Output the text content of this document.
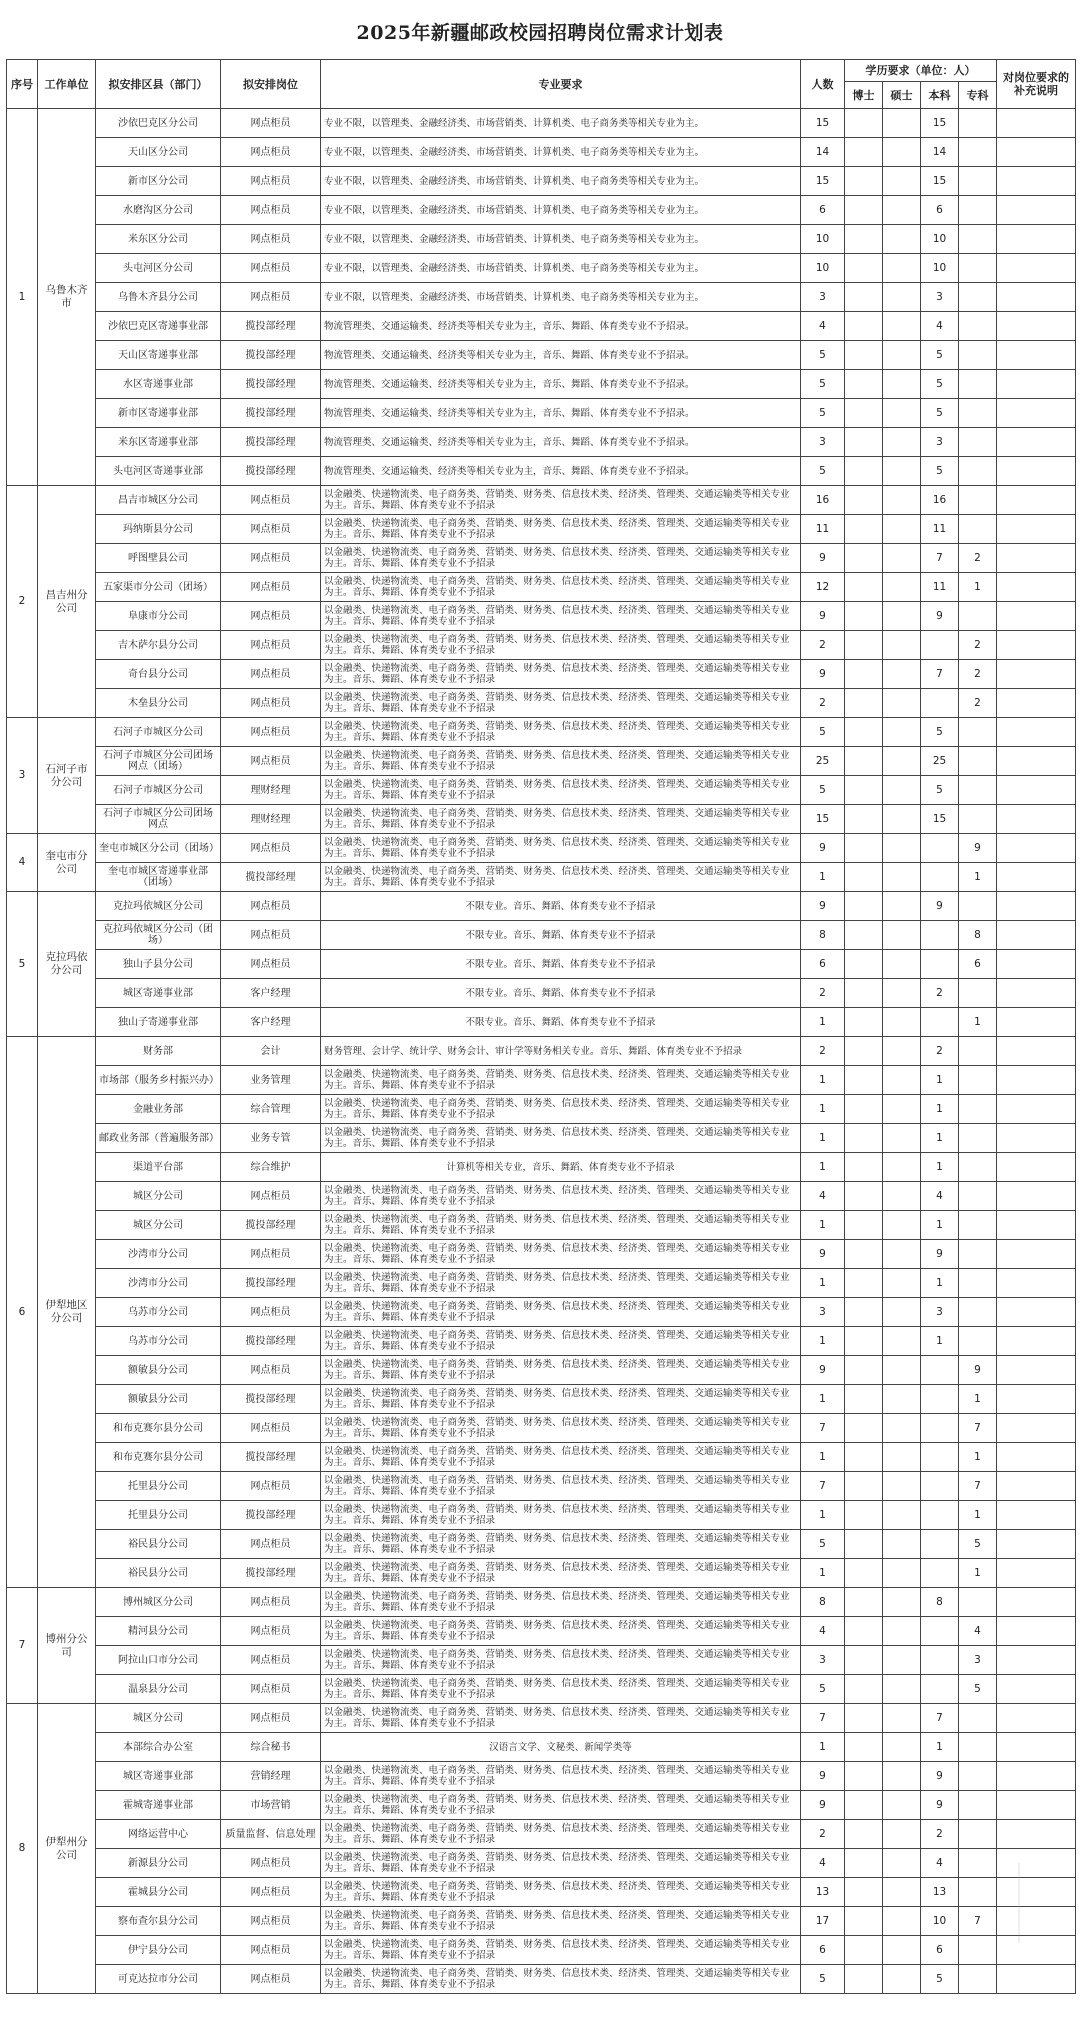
2025年新疆邮政校园招聘岗位需求计划表
序号	工作单位	拟安排区县（部门）	拟安排岗位	专业要求	人数	学历要求（单位：人）				对岗位要求的补充说明
						博士	硕士	本科	专科	
1	乌鲁木齐市	沙依巴克区分公司	网点柜员	专业不限，以管理类、金融经济类、市场营销类、计算机类、电子商务类等相关专业为主。	15			15		
		天山区分公司	网点柜员	专业不限，以管理类、金融经济类、市场营销类、计算机类、电子商务类等相关专业为主。	14			14		
		新市区分公司	网点柜员	专业不限，以管理类、金融经济类、市场营销类、计算机类、电子商务类等相关专业为主。	15			15		
		水磨沟区分公司	网点柜员	专业不限，以管理类、金融经济类、市场营销类、计算机类、电子商务类等相关专业为主。	6			6		
		米东区分公司	网点柜员	专业不限，以管理类、金融经济类、市场营销类、计算机类、电子商务类等相关专业为主。	10			10		
		头屯河区分公司	网点柜员	专业不限，以管理类、金融经济类、市场营销类、计算机类、电子商务类等相关专业为主。	10			10		
		乌鲁木齐县分公司	网点柜员	专业不限，以管理类、金融经济类、市场营销类、计算机类、电子商务类等相关专业为主。	3			3		
		沙依巴克区寄递事业部	揽投部经理	物流管理类、交通运输类、经济类等相关专业为主，音乐、舞蹈、体育类专业不予招录。	4			4		
		天山区寄递事业部	揽投部经理	物流管理类、交通运输类、经济类等相关专业为主，音乐、舞蹈、体育类专业不予招录。	5			5		
		水区寄递事业部	揽投部经理	物流管理类、交通运输类、经济类等相关专业为主，音乐、舞蹈、体育类专业不予招录。	5			5		
		新市区寄递事业部	揽投部经理	物流管理类、交通运输类、经济类等相关专业为主，音乐、舞蹈、体育类专业不予招录。	5			5		
		米东区寄递事业部	揽投部经理	物流管理类、交通运输类、经济类等相关专业为主，音乐、舞蹈、体育类专业不予招录。	3			3		
		头屯河区寄递事业部	揽投部经理	物流管理类、交通运输类、经济类等相关专业为主，音乐、舞蹈、体育类专业不予招录。	5			5		
2	昌吉州分公司	昌吉市城区分公司	网点柜员	以金融类、快递物流类、电子商务类、营销类、财务类、信息技术类、经济类、管理类、交通运输类等相关专业为主。音乐、舞蹈、体育类专业不予招录	16			16		
		玛纳斯县分公司	网点柜员	以金融类、快递物流类、电子商务类、营销类、财务类、信息技术类、经济类、管理类、交通运输类等相关专业为主。音乐、舞蹈、体育类专业不予招录	11			11		
		呼图壁县公司	网点柜员	以金融类、快递物流类、电子商务类、营销类、财务类、信息技术类、经济类、管理类、交通运输类等相关专业为主。音乐、舞蹈、体育类专业不予招录	9			7	2	
		五家渠市分公司（团场）	网点柜员	以金融类、快递物流类、电子商务类、营销类、财务类、信息技术类、经济类、管理类、交通运输类等相关专业为主。音乐、舞蹈、体育类专业不予招录	12			11	1	
		阜康市分公司	网点柜员	以金融类、快递物流类、电子商务类、营销类、财务类、信息技术类、经济类、管理类、交通运输类等相关专业为主。音乐、舞蹈、体育类专业不予招录	9			9		
		吉木萨尔县分公司	网点柜员	以金融类、快递物流类、电子商务类、营销类、财务类、信息技术类、经济类、管理类、交通运输类等相关专业为主。音乐、舞蹈、体育类专业不予招录	2				2	
		奇台县分公司	网点柜员	以金融类、快递物流类、电子商务类、营销类、财务类、信息技术类、经济类、管理类、交通运输类等相关专业为主。音乐、舞蹈、体育类专业不予招录	9			7	2	
		木垒县分公司	网点柜员	以金融类、快递物流类、电子商务类、营销类、财务类、信息技术类、经济类、管理类、交通运输类等相关专业为主。音乐、舞蹈、体育类专业不予招录	2				2	
3	石河子市分公司	石河子市城区分公司	网点柜员	以金融类、快递物流类、电子商务类、营销类、财务类、信息技术类、经济类、管理类、交通运输类等相关专业为主。音乐、舞蹈、体育类专业不予招录	5			5		
		石河子市城区分公司团场网点（团场）	网点柜员	以金融类、快递物流类、电子商务类、营销类、财务类、信息技术类、经济类、管理类、交通运输类等相关专业为主。音乐、舞蹈、体育类专业不予招录	25			25		
		石河子市城区分公司	理财经理	以金融类、快递物流类、电子商务类、营销类、财务类、信息技术类、经济类、管理类、交通运输类等相关专业为主。音乐、舞蹈、体育类专业不予招录	5			5		
		石河子市城区分公司团场网点	理财经理	以金融类、快递物流类、电子商务类、营销类、财务类、信息技术类、经济类、管理类、交通运输类等相关专业为主。音乐、舞蹈、体育类专业不予招录	15			15		
4	奎屯市分公司	奎屯市城区分公司（团场）	网点柜员	以金融类、快递物流类、电子商务类、营销类、财务类、信息技术类、经济类、管理类、交通运输类等相关专业为主。音乐、舞蹈、体育类专业不予招录	9				9	
		奎屯市城区寄递事业部（团场）	揽投部经理	以金融类、快递物流类、电子商务类、营销类、财务类、信息技术类、经济类、管理类、交通运输类等相关专业为主。音乐、舞蹈、体育类专业不予招录	1				1	
5	克拉玛依分公司	克拉玛依城区分公司	网点柜员	不限专业。音乐、舞蹈、体育类专业不予招录	9			9		
		克拉玛依城区分公司（团场）	网点柜员	不限专业。音乐、舞蹈、体育类专业不予招录	8				8	
		独山子县分公司	网点柜员	不限专业。音乐、舞蹈、体育类专业不予招录	6				6	
		城区寄递事业部	客户经理	不限专业。音乐、舞蹈、体育类专业不予招录	2			2		
		独山子寄递事业部	客户经理	不限专业。音乐、舞蹈、体育类专业不予招录	1				1	
6	伊犁地区分公司	财务部	会计	财务管理、会计学、统计学、财务会计、审计学等财务相关专业。音乐、舞蹈、体育类专业不予招录	2			2		
		市场部（服务乡村振兴办）	业务管理	以金融类、快递物流类、电子商务类、营销类、财务类、信息技术类、经济类、管理类、交通运输类等相关专业为主。音乐、舞蹈、体育类专业不予招录	1			1		
		金融业务部	综合管理	以金融类、快递物流类、电子商务类、营销类、财务类、信息技术类、经济类、管理类、交通运输类等相关专业为主。音乐、舞蹈、体育类专业不予招录	1			1		
		邮政业务部（普遍服务部）	业务专管	以金融类、快递物流类、电子商务类、营销类、财务类、信息技术类、经济类、管理类、交通运输类等相关专业为主。音乐、舞蹈、体育类专业不予招录	1			1		
		渠道平台部	综合维护	计算机等相关专业，音乐、舞蹈、体育类专业不予招录	1			1		
		城区分公司	网点柜员	以金融类、快递物流类、电子商务类、营销类、财务类、信息技术类、经济类、管理类、交通运输类等相关专业为主。音乐、舞蹈、体育类专业不予招录	4			4		
		城区分公司	揽投部经理	以金融类、快递物流类、电子商务类、营销类、财务类、信息技术类、经济类、管理类、交通运输类等相关专业为主。音乐、舞蹈、体育类专业不予招录	1			1		
		沙湾市分公司	网点柜员	以金融类、快递物流类、电子商务类、营销类、财务类、信息技术类、经济类、管理类、交通运输类等相关专业为主。音乐、舞蹈、体育类专业不予招录	9			9		
		沙湾市分公司	揽投部经理	以金融类、快递物流类、电子商务类、营销类、财务类、信息技术类、经济类、管理类、交通运输类等相关专业为主。音乐、舞蹈、体育类专业不予招录	1			1		
		乌苏市分公司	网点柜员	以金融类、快递物流类、电子商务类、营销类、财务类、信息技术类、经济类、管理类、交通运输类等相关专业为主。音乐、舞蹈、体育类专业不予招录	3			3		
		乌苏市分公司	揽投部经理	以金融类、快递物流类、电子商务类、营销类、财务类、信息技术类、经济类、管理类、交通运输类等相关专业为主。音乐、舞蹈、体育类专业不予招录	1			1		
		额敏县分公司	网点柜员	以金融类、快递物流类、电子商务类、营销类、财务类、信息技术类、经济类、管理类、交通运输类等相关专业为主。音乐、舞蹈、体育类专业不予招录	9				9	
		额敏县分公司	揽投部经理	以金融类、快递物流类、电子商务类、营销类、财务类、信息技术类、经济类、管理类、交通运输类等相关专业为主。音乐、舞蹈、体育类专业不予招录	1				1	
		和布克赛尔县分公司	网点柜员	以金融类、快递物流类、电子商务类、营销类、财务类、信息技术类、经济类、管理类、交通运输类等相关专业为主。音乐、舞蹈、体育类专业不予招录	7				7	
		和布克赛尔县分公司	揽投部经理	以金融类、快递物流类、电子商务类、营销类、财务类、信息技术类、经济类、管理类、交通运输类等相关专业为主。音乐、舞蹈、体育类专业不予招录	1				1	
		托里县分公司	网点柜员	以金融类、快递物流类、电子商务类、营销类、财务类、信息技术类、经济类、管理类、交通运输类等相关专业为主。音乐、舞蹈、体育类专业不予招录	7				7	
		托里县分公司	揽投部经理	以金融类、快递物流类、电子商务类、营销类、财务类、信息技术类、经济类、管理类、交通运输类等相关专业为主。音乐、舞蹈、体育类专业不予招录	1				1	
		裕民县分公司	网点柜员	以金融类、快递物流类、电子商务类、营销类、财务类、信息技术类、经济类、管理类、交通运输类等相关专业为主。音乐、舞蹈、体育类专业不予招录	5				5	
		裕民县分公司	揽投部经理	以金融类、快递物流类、电子商务类、营销类、财务类、信息技术类、经济类、管理类、交通运输类等相关专业为主。音乐、舞蹈、体育类专业不予招录	1				1	
7	博州分公司	博州城区分公司	网点柜员	以金融类、快递物流类、电子商务类、营销类、财务类、信息技术类、经济类、管理类、交通运输类等相关专业为主。音乐、舞蹈、体育类专业不予招录	8			8		
		精河县分公司	网点柜员	以金融类、快递物流类、电子商务类、营销类、财务类、信息技术类、经济类、管理类、交通运输类等相关专业为主。音乐、舞蹈、体育类专业不予招录	4				4	
		阿拉山口市分公司	网点柜员	以金融类、快递物流类、电子商务类、营销类、财务类、信息技术类、经济类、管理类、交通运输类等相关专业为主。音乐、舞蹈、体育类专业不予招录	3				3	
		温泉县分公司	网点柜员	以金融类、快递物流类、电子商务类、营销类、财务类、信息技术类、经济类、管理类、交通运输类等相关专业为主。音乐、舞蹈、体育类专业不予招录	5				5	
8	伊犁州分公司	城区分公司	网点柜员	以金融类、快递物流类、电子商务类、营销类、财务类、信息技术类、经济类、管理类、交通运输类等相关专业为主。音乐、舞蹈、体育类专业不予招录	7			7		
		本部综合办公室	综合秘书	汉语言文学、文秘类、新闻学类等	1			1		
		城区寄递事业部	营销经理	以金融类、快递物流类、电子商务类、营销类、财务类、信息技术类、经济类、管理类、交通运输类等相关专业为主。音乐、舞蹈、体育类专业不予招录	9			9		
		霍城寄递事业部	市场营销	以金融类、快递物流类、电子商务类、营销类、财务类、信息技术类、经济类、管理类、交通运输类等相关专业为主。音乐、舞蹈、体育类专业不予招录	9			9		
		网络运营中心	质量监督、信息处理	以金融类、快递物流类、电子商务类、营销类、财务类、信息技术类、经济类、管理类、交通运输类等相关专业为主。音乐、舞蹈、体育类专业不予招录	2			2		
		新源县分公司	网点柜员	以金融类、快递物流类、电子商务类、营销类、财务类、信息技术类、经济类、管理类、交通运输类等相关专业为主。音乐、舞蹈、体育类专业不予招录	4			4		
		霍城县分公司	网点柜员	以金融类、快递物流类、电子商务类、营销类、财务类、信息技术类、经济类、管理类、交通运输类等相关专业为主。音乐、舞蹈、体育类专业不予招录	13			13		
		察布查尔县分公司	网点柜员	以金融类、快递物流类、电子商务类、营销类、财务类、信息技术类、经济类、管理类、交通运输类等相关专业为主。音乐、舞蹈、体育类专业不予招录	17			10	7	
		伊宁县分公司	网点柜员	以金融类、快递物流类、电子商务类、营销类、财务类、信息技术类、经济类、管理类、交通运输类等相关专业为主。音乐、舞蹈、体育类专业不予招录	6			6		
		可克达拉市分公司	网点柜员	以金融类、快递物流类、电子商务类、营销类、财务类、信息技术类、经济类、管理类、交通运输类等相关专业为主。音乐、舞蹈、体育类专业不予招录	5			5		
